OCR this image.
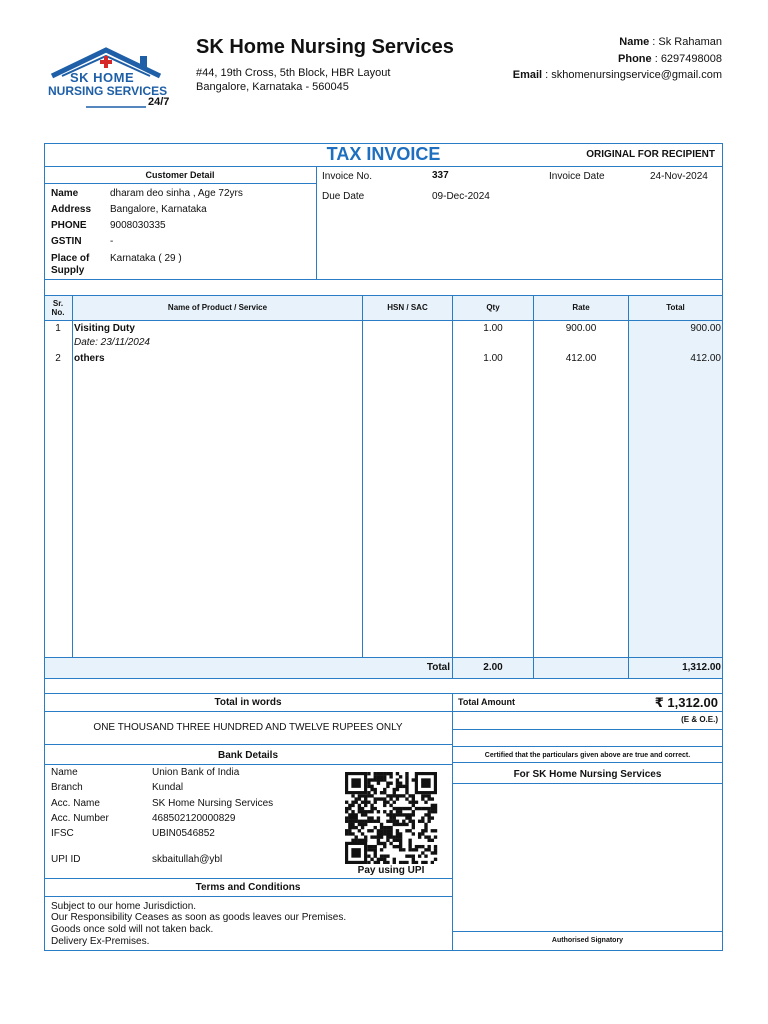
SK HOME
NURSING SERVICES
24/7
SK Home Nursing Services
#44, 19th Cross, 5th Block, HBR Layout
Bangalore, Karnataka - 560045
Name : Sk Rahaman
Phone : 6297498008
Email : skhomenursingservice@gmail.com
TAX INVOICE	ORIGINAL FOR RECIPIENT
Customer Detail
Name	dharam deo sinha , Age 72yrs
Address Bangalore, Karnataka
PHONE 9008030335
GSTIN	-
Place of
Supply
Karnataka ( 29 )
Invoice No.	337	Invoice Date	24-Nov-2024
Due Date	09-Dec-2024
Sr.
No.
Name of Product / Service	HSN / SAC	Qty	Rate	Total
1	Visiting Duty
Date: 23/11/2024
1.00	900.00	900.00
2	others	1.00	412.00	412.00
Total	2.00	1,312.00
Total in words
ONE THOUSAND THREE HUNDRED AND TWELVE RUPEES ONLY
Total Amount	₹ 1,312.00
(E & O.E.)
Bank Details
Name	Union Bank of India
Branch	Kundal
Acc. Name	SK Home Nursing Services
Acc. Number	468502120000829
IFSC	UBIN0546852
UPI ID	skbaitullah@ybl
Pay using UPI
Certified that the particulars given above are true and correct.
For SK Home Nursing Services
Authorised Signatory
Terms and Conditions
Subject to our home Jurisdiction.
Our Responsibility Ceases as soon as goods leaves our Premises.
Goods once sold will not taken back.
Delivery Ex-Premises.
